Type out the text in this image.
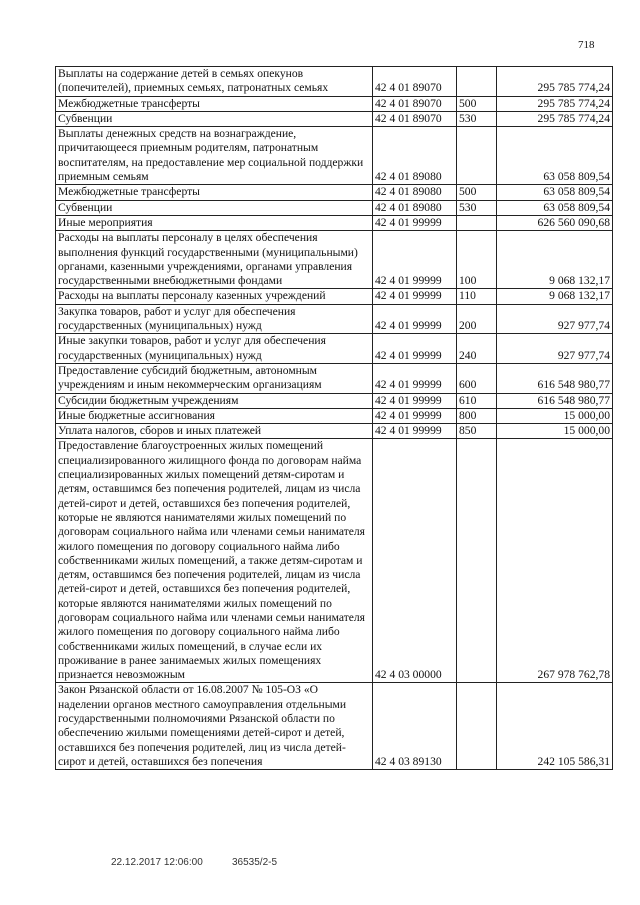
718
Выплаты на содержание детей в семьях опекунов (попечителей), приемных семьях, патронатных семьях	42 4 01 89070		295 785 774,24
Межбюджетные трансферты	42 4 01 89070	500	295 785 774,24
Субвенции	42 4 01 89070	530	295 785 774,24
Выплаты денежных средств на вознаграждение, причитающееся приемным родителям, патронатным воспитателям, на предоставление мер социальной поддержки приемным семьям	42 4 01 89080		63 058 809,54
Межбюджетные трансферты	42 4 01 89080	500	63 058 809,54
Субвенции	42 4 01 89080	530	63 058 809,54
Иные мероприятия	42 4 01 99999		626 560 090,68
Расходы на выплаты персоналу в целях обеспечения выполнения функций государственными (муниципальными) органами, казенными учреждениями, органами управления государственными внебюджетными фондами	42 4 01 99999	100	9 068 132,17
Расходы на выплаты персоналу казенных учреждений	42 4 01 99999	110	9 068 132,17
Закупка товаров, работ и услуг для обеспечения государственных (муниципальных) нужд	42 4 01 99999	200	927 977,74
Иные закупки товаров, работ и услуг для обеспечения государственных (муниципальных) нужд	42 4 01 99999	240	927 977,74
Предоставление субсидий бюджетным, автономным учреждениям и иным некоммерческим организациям	42 4 01 99999	600	616 548 980,77
Субсидии бюджетным учреждениям	42 4 01 99999	610	616 548 980,77
Иные бюджетные ассигнования	42 4 01 99999	800	15 000,00
Уплата налогов, сборов и иных платежей	42 4 01 99999	850	15 000,00
Предоставление благоустроенных жилых помещений специализированного жилищного фонда по договорам найма специализированных жилых помещений детям-сиротам и детям, оставшимся без попечения родителей, лицам из числа детей-сирот и детей, оставшихся без попечения родителей, которые не являются нанимателями жилых помещений по договорам социального найма или членами семьи нанимателя жилого помещения по договору социального найма либо собственниками жилых помещений, а также детям-сиротам и детям, оставшимся без попечения родителей, лицам из числа детей-сирот и детей, оставшихся без попечения родителей, которые являются нанимателями жилых помещений по договорам социального найма или членами семьи нанимателя жилого помещения по договору социального найма либо собственниками жилых помещений, в случае если их проживание в ранее занимаемых жилых помещениях признается невозможным	42 4 03 00000		267 978 762,78
Закон Рязанской области от 16.08.2007 № 105-ОЗ «О наделении органов местного самоуправления отдельными государственными полномочиями Рязанской области по обеспечению жилыми помещениями детей-сирот и детей, оставшихся без попечения родителей, лиц из числа детей-сирот и детей, оставшихся без попечения	42 4 03 89130		242 105 586,31
22.12.2017 12:06:00	36535/2-5
